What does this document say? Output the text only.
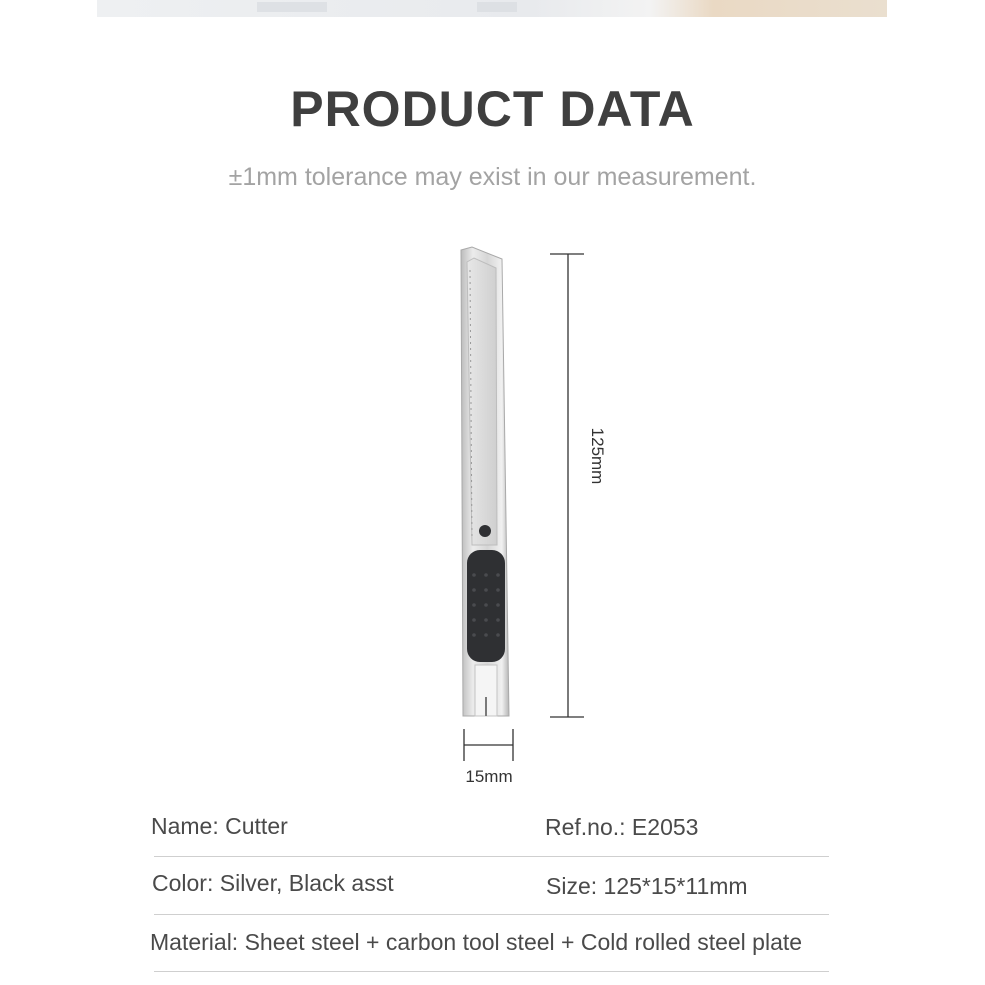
PRODUCT DATA

±1mm tolerance may exist in our measurement.

15mm
125mm
Name: Cutter	Ref.no.: E2053
Color: Silver, Black asst	Size: 125*15*11mm
Material: Sheet steel + carbon tool steel + Cold rolled steel plate
